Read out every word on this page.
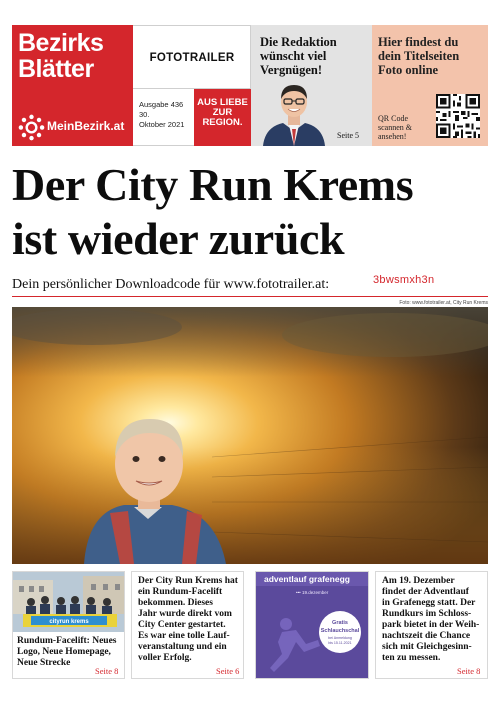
Bezirks
Blätter
MeinBezirk.at
FOTOTRAILER
Ausgabe 436
30.
Oktober 2021
AUS LIEBE
ZUR
REGION.
Die Redaktion
wünscht viel
Vergnügen!
Seite 5
Hier findest du
dein Titelseiten
Foto online
QR Code
scannen &
ansehen!
Der City Run Krems
ist wieder zurück
Dein persönlicher Downloadcode für www.fototrailer.at:	3bwsmxh3n
Foto: www.fototrailer.at, City Run Krems
cityrun krems
Rundum-Facelift: Neues
Logo, Neue Homepage,
Neue Strecke
Seite 8
Der City Run Krems hat
ein Rundum-Facelift
bekommen. Dieses
Jahr wurde direkt vom
City Center gestartet.
Es war eine tolle Lauf-
veranstaltung und ein
voller Erfolg.
Seite 6
adventlauf grafenegg
••• 19.dezember
Gratis
Schlauchschal
bei Anmeldung
bis 15.11.2021
Am 19. Dezember
findet der Adventlauf
in Grafenegg statt. Der
Rundkurs im Schloss-
park bietet in der Weih-
nachtszeit die Chance
sich mit Gleichgesinn-
ten zu messen.
Seite 8
